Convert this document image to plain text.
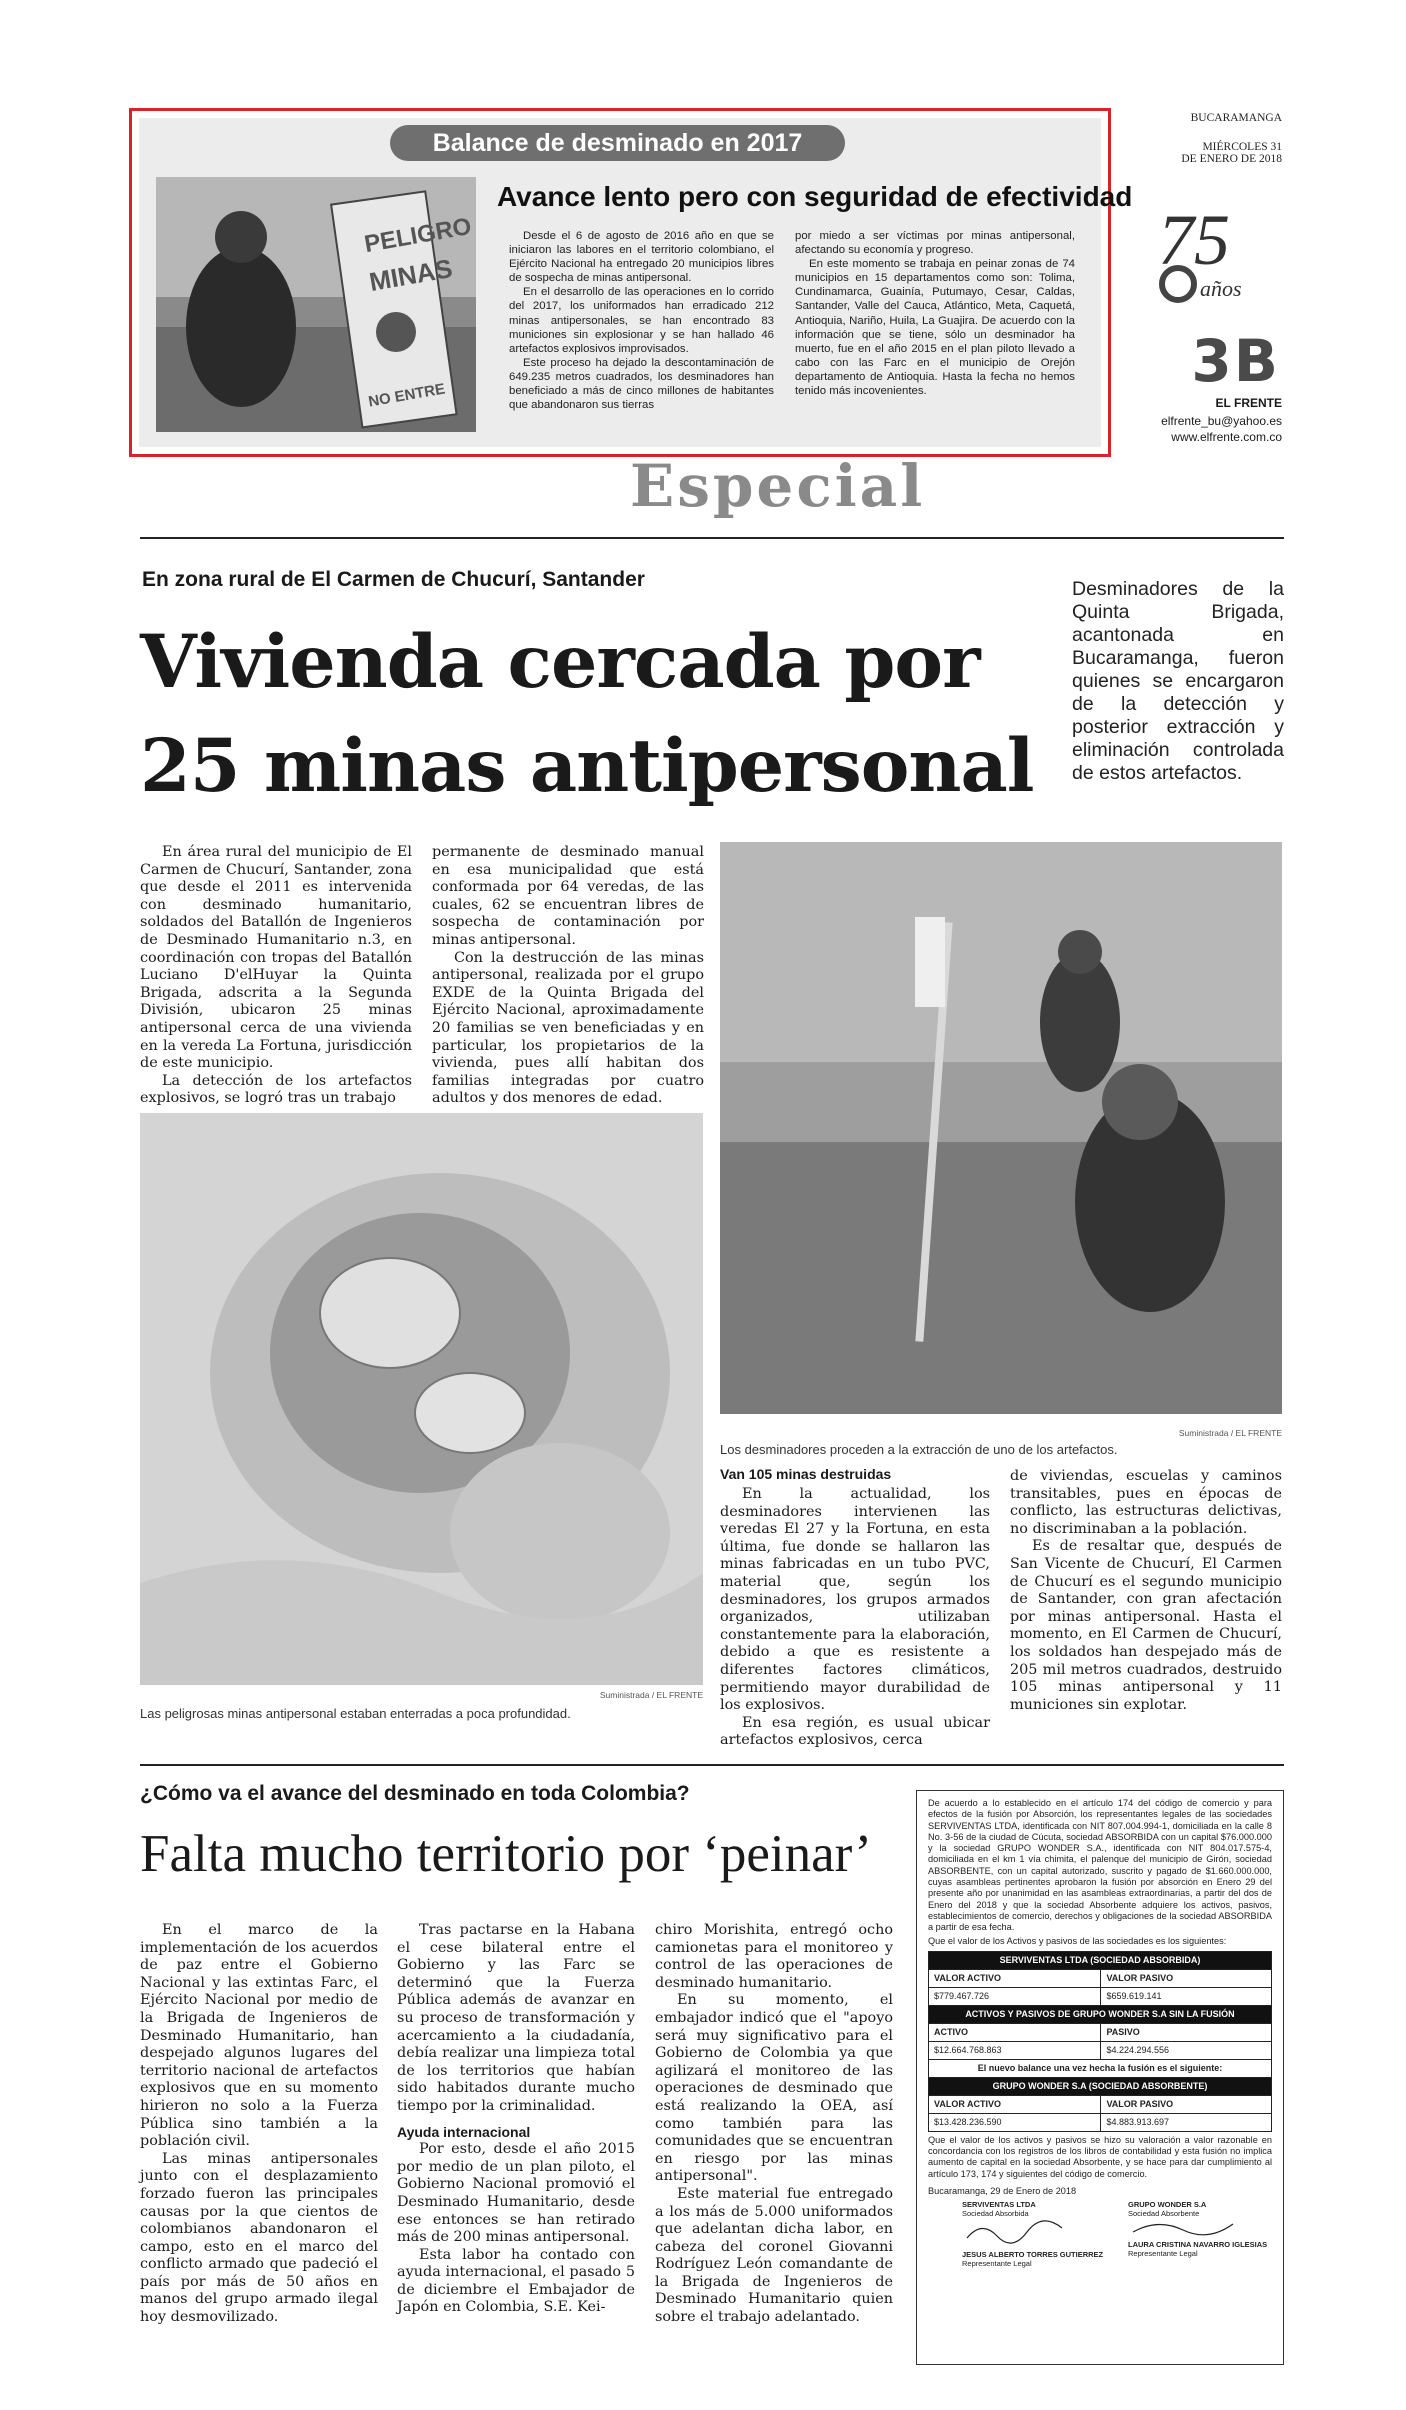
Balance de desminado en 2017
PELIGRO
MINAS
NO ENTRE
Avance lento pero con seguridad de efectividad

Desde el 6 de agosto de 2016 año en que se iniciaron las labores en el territorio colombiano, el Ejército Nacional ha entregado 20 municipios libres de sospecha de minas antipersonal.

En el desarrollo de las operaciones en lo corrido del 2017, los uniformados han erradicado 212 minas antipersonales, se han encontrado 83 municiones sin explosionar y se han hallado 46 artefactos explosivos improvisados.

Este proceso ha dejado la descontaminación de 649.235 metros cuadrados, los desminadores han beneficiado a más de cinco millones de habitantes que abandonaron sus tierras

por miedo a ser víctimas por minas antipersonal, afectando su economía y progreso.

En este momento se trabaja en peinar zonas de 74 municipios en 15 departamentos como son: Tolima, Cundinamarca, Guainía, Putumayo, Cesar, Caldas, Santander, Valle del Cauca, Atlántico, Meta, Caquetá, Antioquia, Nariño, Huila, La Guajira. De acuerdo con la información que se tiene, sólo un desminador ha muerto, fue en el año 2015 en el plan piloto llevado a cabo con las Farc en el municipio de Orejón departamento de Antioquia. Hasta la fecha no hemos tenido más incovenientes.

BUCARAMANGA
MIÉRCOLES 31
DE ENERO DE 2018
75
años
3B
EL FRENTE
elfrente_bu@yahoo.es
www.elfrente.com.co
Especial
En zona rural de El Carmen de Chucurí, Santander
Vivienda cercada por
25 minas antipersonal
Desminadores de la Quinta Brigada, acantonada en Bucaramanga, fueron quienes se encargaron de la detección y posterior extracción y eliminación controlada de estos artefactos.

En área rural del municipio de El Carmen de Chucurí, Santander, zona que desde el 2011 es intervenida con desminado humanitario, soldados del Batallón de Ingenieros de Desminado Humanitario n.3, en coordinación con tropas del Batallón Luciano D'elHuyar la Quinta Brigada, adscrita a la Segunda División, ubicaron 25 minas antipersonal cerca de una vivienda en la vereda La Fortuna, jurisdicción de este municipio.

La detección de los artefactos explosivos, se logró tras un trabajo

permanente de desminado manual en esa municipalidad que está conformada por 64 veredas, de las cuales, 62 se encuentran libres de sospecha de contaminación por minas antipersonal.

Con la destrucción de las minas antipersonal, realizada por el grupo EXDE de la Quinta Brigada del Ejército Nacional, aproximadamente 20 familias se ven beneficiadas y en particular, los propietarios de la vivienda, pues allí habitan dos familias integradas por cuatro adultos y dos menores de edad.

Suministrada / EL FRENTE
Las peligrosas minas antipersonal estaban enterradas a poca profundidad.
Suministrada / EL FRENTE
Los desminadores proceden a la extracción de uno de los artefactos.
Van 105 minas destruidas

En la actualidad, los desminadores intervienen las veredas El 27 y la Fortuna, en esta última, fue donde se hallaron las minas fabricadas en un tubo PVC, material que, según los desminadores, los grupos armados organizados, utilizaban constantemente para la elaboración, debido a que es resistente a diferentes factores climáticos, permitiendo mayor durabilidad de los explosivos.

En esa región, es usual ubicar artefactos explosivos, cerca

de viviendas, escuelas y caminos transitables, pues en épocas de conflicto, las estructuras delictivas, no discriminaban a la población.

Es de resaltar que, después de San Vicente de Chucurí, El Carmen de Chucurí es el segundo municipio de Santander, con gran afectación por minas antipersonal. Hasta el momento, en El Carmen de Chucurí, los soldados han despejado más de 205 mil metros cuadrados, destruido 105 minas antipersonal y 11 municiones sin explotar.

¿Cómo va el avance del desminado en toda Colombia?
Falta mucho territorio por ‘peinar’

En el marco de la implementación de los acuerdos de paz entre el Gobierno Nacional y las extintas Farc, el Ejército Nacional por medio de la Brigada de Ingenieros de Desminado Humanitario, han despejado algunos lugares del territorio nacional de artefactos explosivos que en su momento hirieron no solo a la Fuerza Pública sino también a la población civil.

Las minas antipersonales junto con el desplazamiento forzado fueron las principales causas por la que cientos de colombianos abandonaron el campo, esto en el marco del conflicto armado que padeció el país por más de 50 años en manos del grupo armado ilegal hoy desmovilizado.

Tras pactarse en la Habana el cese bilateral entre el Gobierno y las Farc se determinó que la Fuerza Pública además de avanzar en su proceso de transformación y acercamiento a la ciudadanía, debía realizar una limpieza total de los territorios que habían sido habitados durante mucho tiempo por la criminalidad.

Ayuda internacional

Por esto, desde el año 2015 por medio de un plan piloto, el Gobierno Nacional promovió el Desminado Humanitario, desde ese entonces se han retirado más de 200 minas antipersonal.

Esta labor ha contado con ayuda internacional, el pasado 5 de diciembre el Embajador de Japón en Colombia, S.E. Kei-

chiro Morishita, entregó ocho camionetas para el monitoreo y control de las operaciones de desminado humanitario.

En su momento, el embajador indicó que el "apoyo será muy significativo para el Gobierno de Colombia ya que agilizará el monitoreo de las operaciones de desminado que está realizando la OEA, así como también para las comunidades que se encuentran en riesgo por las minas antipersonal".

Este material fue entregado a los más de 5.000 uniformados que adelantan dicha labor, en cabeza del coronel Giovanni Rodríguez León comandante de la Brigada de Ingenieros de Desminado Humanitario quien sobre el trabajo adelantado.

De acuerdo a lo establecido en el artículo 174 del código de comercio y para efectos de la fusión por Absorción, los representantes legales de las sociedades SERVIVENTAS LTDA, identificada con NIT 807.004.994-1, domiciliada en la calle 8 No. 3-56 de la ciudad de Cúcuta, sociedad ABSORBIDA con un capital $76.000.000 y la sociedad GRUPO WONDER S.A., identificada con NIT 804.017.575-4, domiciliada en el km 1 vía chimita, el palenque del municipio de Girón, sociedad ABSORBENTE, con un capital autorizado, suscrito y pagado de $1.660.000.000, cuyas asambleas pertinentes aprobaron la fusión por absorción en Enero 29 del presente año por unanimidad en las asambleas extraordinarias, a partir del dos de Enero del 2018 y que la sociedad Absorbente adquiere los activos, pasivos, establecimientos de comercio, derechos y obligaciones de la sociedad ABSORBIDA a partir de esa fecha.
Que el valor de los Activos y pasivos de las sociedades es los siguientes:
SERVIVENTAS LTDA (SOCIEDAD ABSORBIDA)	
VALOR ACTIVO	VALOR PASIVO
$779.467.726	$659.619.141
ACTIVOS Y PASIVOS DE GRUPO WONDER S.A SIN LA FUSIÓN	
ACTIVO	PASIVO
$12.664.768.863	$4.224.294.556
El nuevo balance una vez hecha la fusión es el siguiente:	
GRUPO WONDER S.A (SOCIEDAD ABSORBENTE)	
VALOR ACTIVO	VALOR PASIVO
$13.428.236.590	$4.883.913.697
Que el valor de los activos y pasivos se hizo su valoración a valor razonable en concordancia con los registros de los libros de contabilidad y esta fusión no implica aumento de capital en la sociedad Absorbente, y se hace para dar cumplimiento al artículo 173, 174 y siguientes del código de comercio.
Bucaramanga, 29 de Enero de 2018
SERVIVENTAS LTDA
Sociedad Absorbida
JESUS ALBERTO TORRES GUTIERREZ
Representante Legal
GRUPO WONDER S.A
Sociedad Absorbente
LAURA CRISTINA NAVARRO IGLESIAS
Representante Legal
